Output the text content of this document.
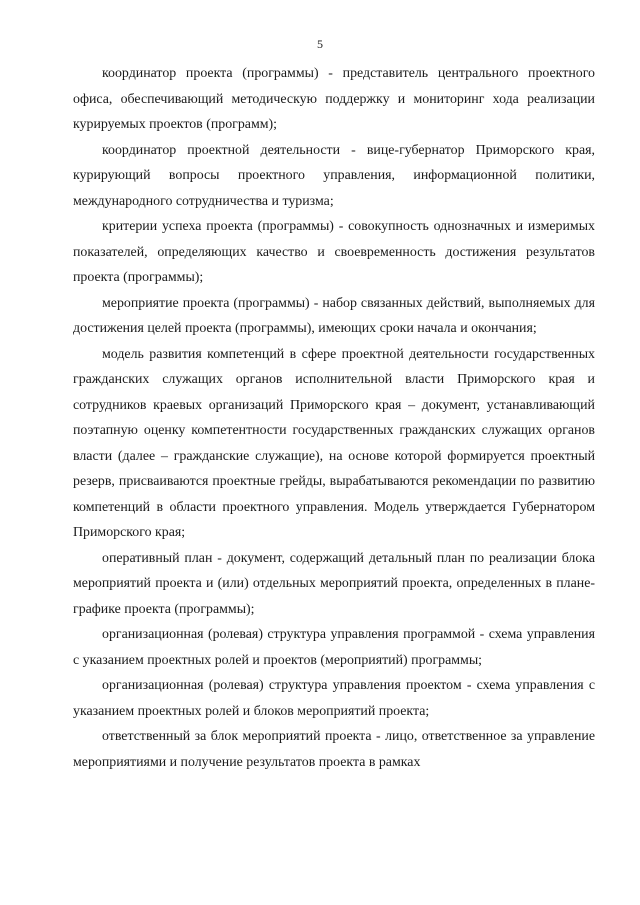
5

координатор проекта (программы) - представитель центрального проектного офиса, обеспечивающий методическую поддержку и мониторинг хода реализации курируемых проектов (программ);

координатор проектной деятельности - вице-губернатор Приморского края, курирующий вопросы проектного управления, информационной политики, международного сотрудничества и туризма;

критерии успеха проекта (программы) - совокупность однозначных и измеримых показателей, определяющих качество и своевременность достижения результатов проекта (программы);

мероприятие проекта (программы) - набор связанных действий, выполняемых для достижения целей проекта (программы), имеющих сроки начала и окончания;

модель развития компетенций в сфере проектной деятельности государственных гражданских служащих органов исполнительной власти Приморского края и сотрудников краевых организаций Приморского края – документ, устанавливающий поэтапную оценку компетентности государственных гражданских служащих органов власти (далее – гражданские служащие), на основе которой формируется проектный резерв, присваиваются проектные грейды, вырабатываются рекомендации по развитию компетенций в области проектного управления. Модель утверждается Губернатором Приморского края;

оперативный план - документ, содержащий детальный план по реализации блока мероприятий проекта и (или) отдельных мероприятий проекта, определенных в плане-графике проекта (программы);

организационная (ролевая) структура управления программой - схема управления с указанием проектных ролей и проектов (мероприятий) программы;

организационная (ролевая) структура управления проектом - схема управления с указанием проектных ролей и блоков мероприятий проекта;

ответственный за блок мероприятий проекта - лицо, ответственное за управление мероприятиями и получение результатов проекта в рамках
